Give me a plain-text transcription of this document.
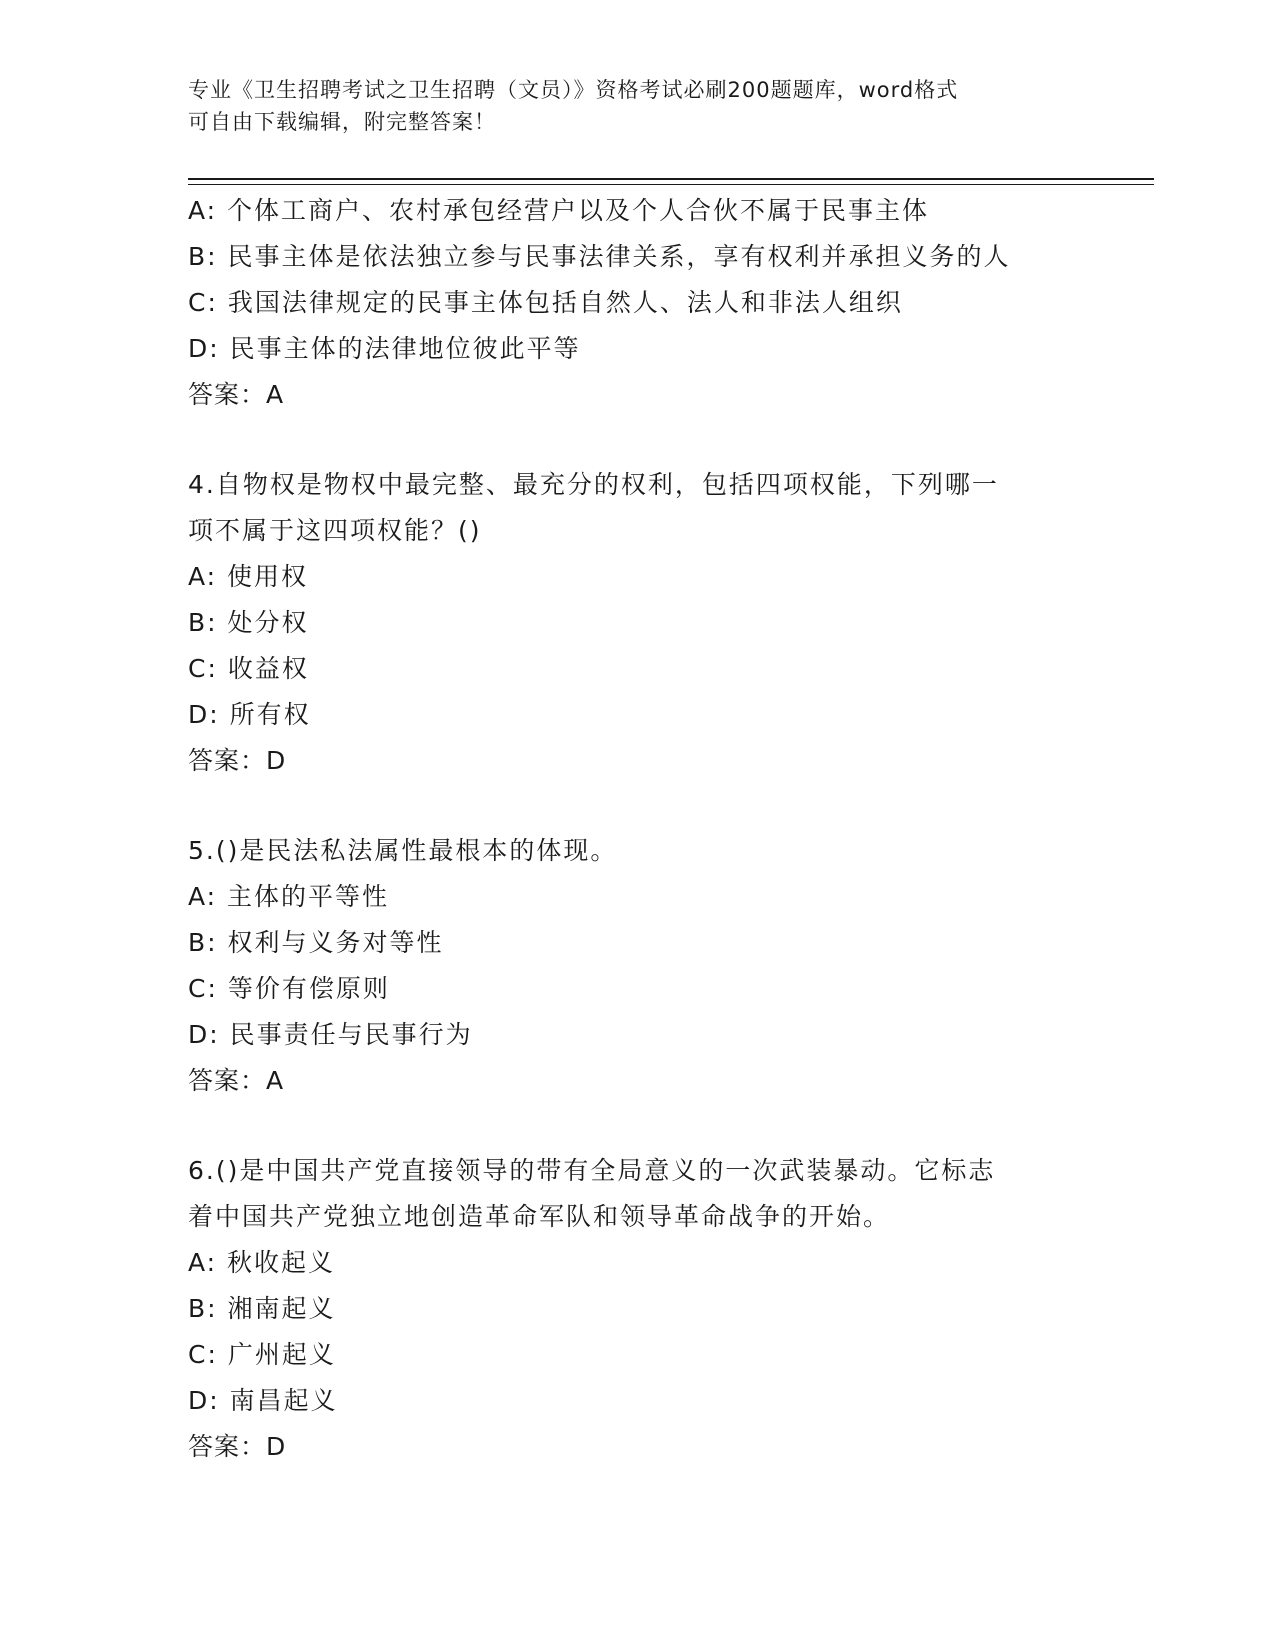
专业《卫生招聘考试之卫生招聘（文员）》资格考试必刷200题题库，word格式
可自由下载编辑，附完整答案！
A: 个体工商户、农村承包经营户以及个人合伙不属于民事主体
B: 民事主体是依法独立参与民事法律关系，享有权利并承担义务的人
C: 我国法律规定的民事主体包括自然人、法人和非法人组织
D: 民事主体的法律地位彼此平等
答案：A
4.自物权是物权中最完整、最充分的权利，包括四项权能，下列哪一
项不属于这四项权能？()
A: 使用权
B: 处分权
C: 收益权
D: 所有权
答案：D
5.()是民法私法属性最根本的体现。
A: 主体的平等性
B: 权利与义务对等性
C: 等价有偿原则
D: 民事责任与民事行为
答案：A
6.()是中国共产党直接领导的带有全局意义的一次武装暴动。它标志
着中国共产党独立地创造革命军队和领导革命战争的开始。
A: 秋收起义
B: 湘南起义
C: 广州起义
D: 南昌起义
答案：D
